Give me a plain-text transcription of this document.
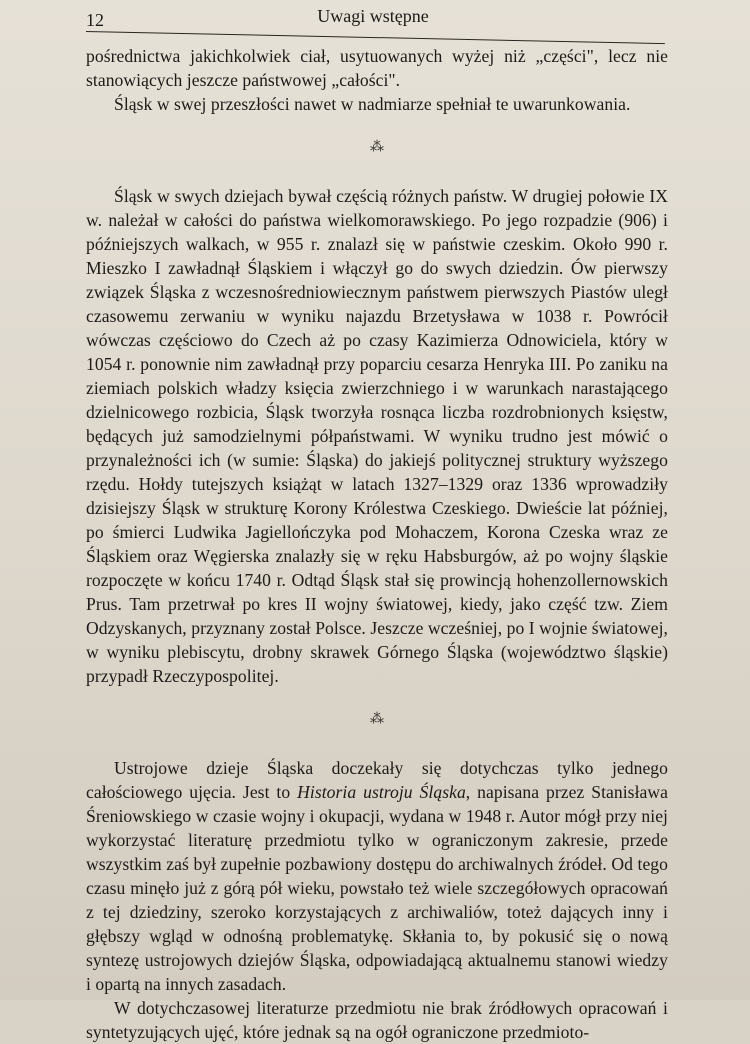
12	Uwagi wstępne

pośrednictwa jakichkolwiek ciał, usytuowanych wyżej niż „części", lecz nie stanowiących jeszcze państwowej „całości".

Śląsk w swej przeszłości nawet w nadmiarze spełniał te uwarunkowania.

⁂

Śląsk w swych dziejach bywał częścią różnych państw. W drugiej połowie IX w. należał w całości do państwa wielkomorawskiego. Po jego rozpadzie (906) i późniejszych walkach, w 955 r. znalazł się w państwie czeskim. Około 990 r. Mieszko I zawładnął Śląskiem i włączył go do swych dziedzin. Ów pierwszy związek Śląska z wczesnośredniowiecznym państwem pierwszych Piastów uległ czasowemu zerwaniu w wyniku najazdu Brzetysława w 1038 r. Powrócił wówczas częściowo do Czech aż po czasy Kazimierza Odnowiciela, który w 1054 r. ponownie nim zawładnął przy poparciu cesarza Henryka III. Po zaniku na ziemiach polskich władzy księcia zwierzchniego i w warunkach narastającego dzielnicowego rozbicia, Śląsk tworzyła rosnąca liczba rozdrobnionych księstw, będących już samodzielnymi półpaństwami. W wyniku trudno jest mówić o przynależności ich (w sumie: Śląska) do jakiejś politycznej struktury wyższego rzędu. Hołdy tutejszych książąt w latach 1327–1329 oraz 1336 wprowadziły dzisiejszy Śląsk w strukturę Korony Królestwa Czeskiego. Dwieście lat później, po śmierci Ludwika Jagiellończyka pod Mohaczem, Korona Czeska wraz ze Śląskiem oraz Węgierska znalazły się w ręku Habsburgów, aż po wojny śląskie rozpoczęte w końcu 1740 r. Odtąd Śląsk stał się prowincją hohenzollernowskich Prus. Tam przetrwał po kres II wojny światowej, kiedy, jako część tzw. Ziem Odzyskanych, przyznany został Polsce. Jeszcze wcześniej, po I wojnie światowej, w wyniku plebiscytu, drobny skrawek Górnego Śląska (województwo śląskie) przypadł Rzeczypospolitej.

⁂

Ustrojowe dzieje Śląska doczekały się dotychczas tylko jednego całościowego ujęcia. Jest to Historia ustroju Śląska, napisana przez Stanisława Śreniowskiego w czasie wojny i okupacji, wydana w 1948 r. Autor mógł przy niej wykorzystać literaturę przedmiotu tylko w ograniczonym zakresie, przede wszystkim zaś był zupełnie pozbawiony dostępu do archiwalnych źródeł. Od tego czasu minęło już z górą pół wieku, powstało też wiele szczegółowych opracowań z tej dziedziny, szeroko korzystających z archiwaliów, toteż dających inny i głębszy wgląd w odnośną problematykę. Skłania to, by pokusić się o nową syntezę ustrojowych dziejów Śląska, odpowiadającą aktualnemu stanowi wiedzy i opartą na innych zasadach.

W dotychczasowej literaturze przedmiotu nie brak źródłowych opracowań i syntetyzujących ujęć, które jednak są na ogół ograniczone przedmioto-
